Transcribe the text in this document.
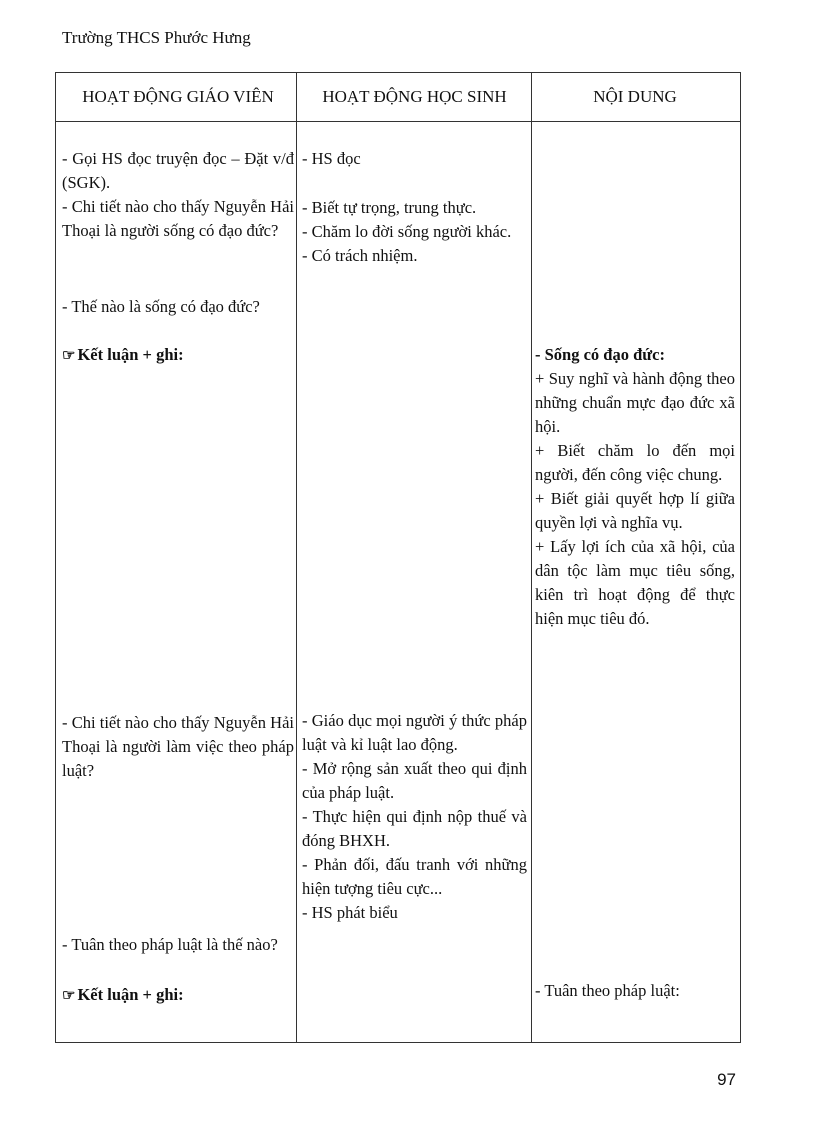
Trường THCS Phước Hưng
HOẠT ĐỘNG GIÁO VIÊN	HOẠT ĐỘNG HỌC SINH	NỘI DUNG

- Gọi HS đọc truyện đọc – Đặt v/đ (SGK).

- Chi tiết nào cho thấy Nguyễn Hải Thoại là người sống có đạo đức?

- Thế nào là sống có đạo đức?

☞ Kết luận + ghi:

- Chi tiết nào cho thấy Nguyễn Hải Thoại là người làm việc theo pháp luật?

- Tuân theo pháp luật là thế nào?

☞ Kết luận + ghi:

- HS đọc

- Biết tự trọng, trung thực.

- Chăm lo đời sống người khác.

- Có trách nhiệm.

- Giáo dục mọi người ý thức pháp luật và kỉ luật lao động.

- Mở rộng sản xuất theo qui định của pháp luật.

- Thực hiện qui định nộp thuế và đóng BHXH.

- Phản đối, đấu tranh với những hiện tượng tiêu cực...

- HS phát biểu

- Sống có đạo đức:

+ Suy nghĩ và hành động theo những chuẩn mực đạo đức xã hội.

+ Biết chăm lo đến mọi người, đến công việc chung.

+ Biết giải quyết hợp lí giữa quyền lợi và nghĩa vụ.

+ Lấy lợi ích của xã hội, của dân tộc làm mục tiêu sống, kiên trì hoạt động để thực hiện mục tiêu đó.

- Tuân theo pháp luật:

97
